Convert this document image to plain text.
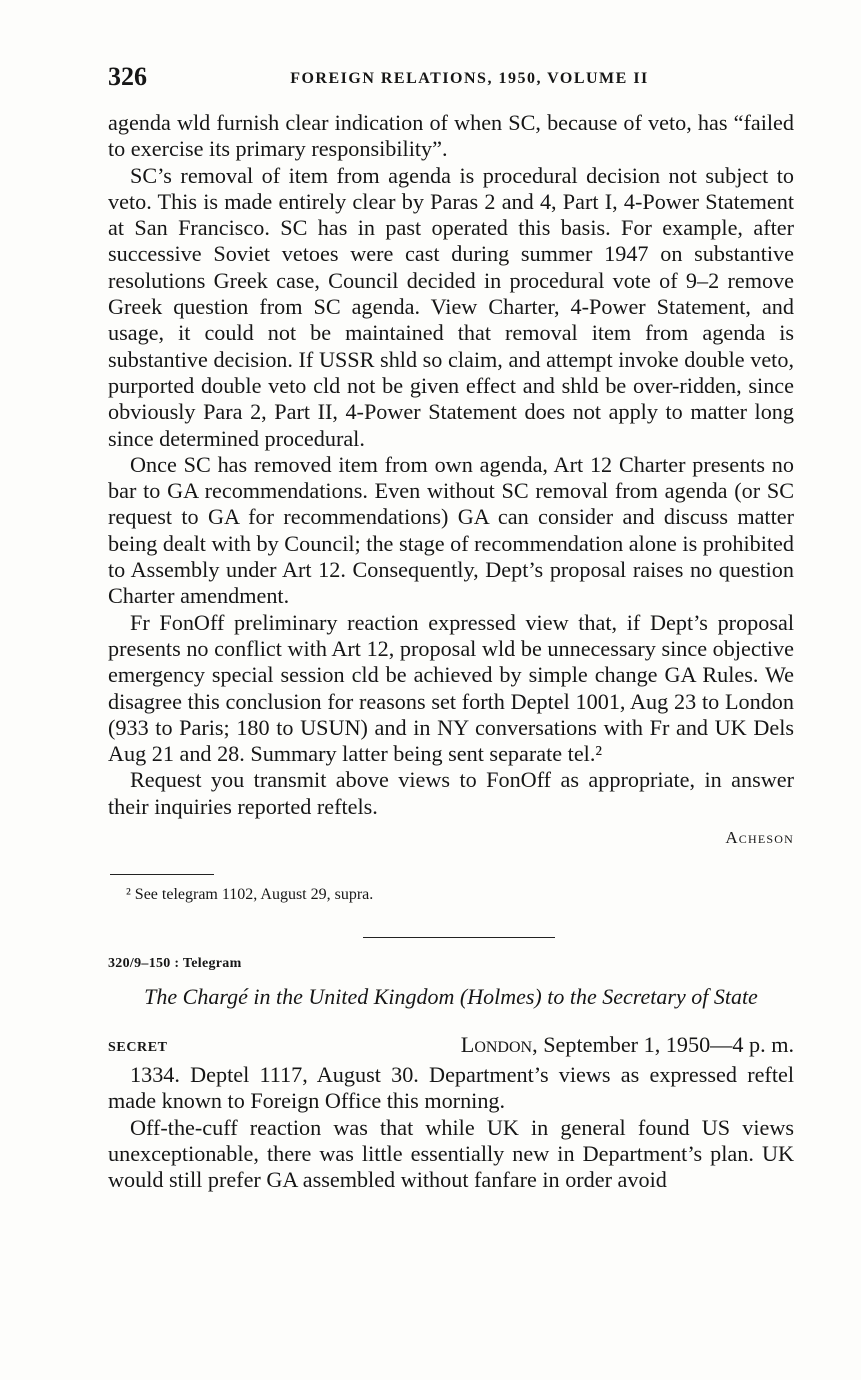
326	FOREIGN RELATIONS, 1950, VOLUME II

agenda wld furnish clear indication of when SC, because of veto, has “failed to exercise its primary responsibility”.

SC’s removal of item from agenda is procedural decision not subject to veto. This is made entirely clear by Paras 2 and 4, Part I, 4-Power Statement at San Francisco. SC has in past operated this basis. For example, after successive Soviet vetoes were cast during summer 1947 on substantive resolutions Greek case, Council decided in procedural vote of 9–2 remove Greek question from SC agenda. View Charter, 4-Power Statement, and usage, it could not be maintained that removal item from agenda is substantive decision. If USSR shld so claim, and attempt invoke double veto, purported double veto cld not be given effect and shld be over-ridden, since obviously Para 2, Part II, 4-Power Statement does not apply to matter long since determined procedural.

Once SC has removed item from own agenda, Art 12 Charter presents no bar to GA recommendations. Even without SC removal from agenda (or SC request to GA for recommendations) GA can consider and discuss matter being dealt with by Council; the stage of recommendation alone is prohibited to Assembly under Art 12. Consequently, Dept’s proposal raises no question Charter amendment.

Fr FonOff preliminary reaction expressed view that, if Dept’s proposal presents no conflict with Art 12, proposal wld be unnecessary since objective emergency special session cld be achieved by simple change GA Rules. We disagree this conclusion for reasons set forth Deptel 1001, Aug 23 to London (933 to Paris; 180 to USUN) and in NY conversations with Fr and UK Dels Aug 21 and 28. Summary latter being sent separate tel.²

Request you transmit above views to FonOff as appropriate, in answer their inquiries reported reftels.

Acheson
² See telegram 1102, August 29, supra.
320/9–150 : Telegram
The Chargé in the United Kingdom (Holmes) to the Secretary of State
SECRET	London, September 1, 1950—4 p. m.

1334. Deptel 1117, August 30. Department’s views as expressed reftel made known to Foreign Office this morning.

Off-the-cuff reaction was that while UK in general found US views unexceptionable, there was little essentially new in Department’s plan. UK would still prefer GA assembled without fanfare in order avoid
